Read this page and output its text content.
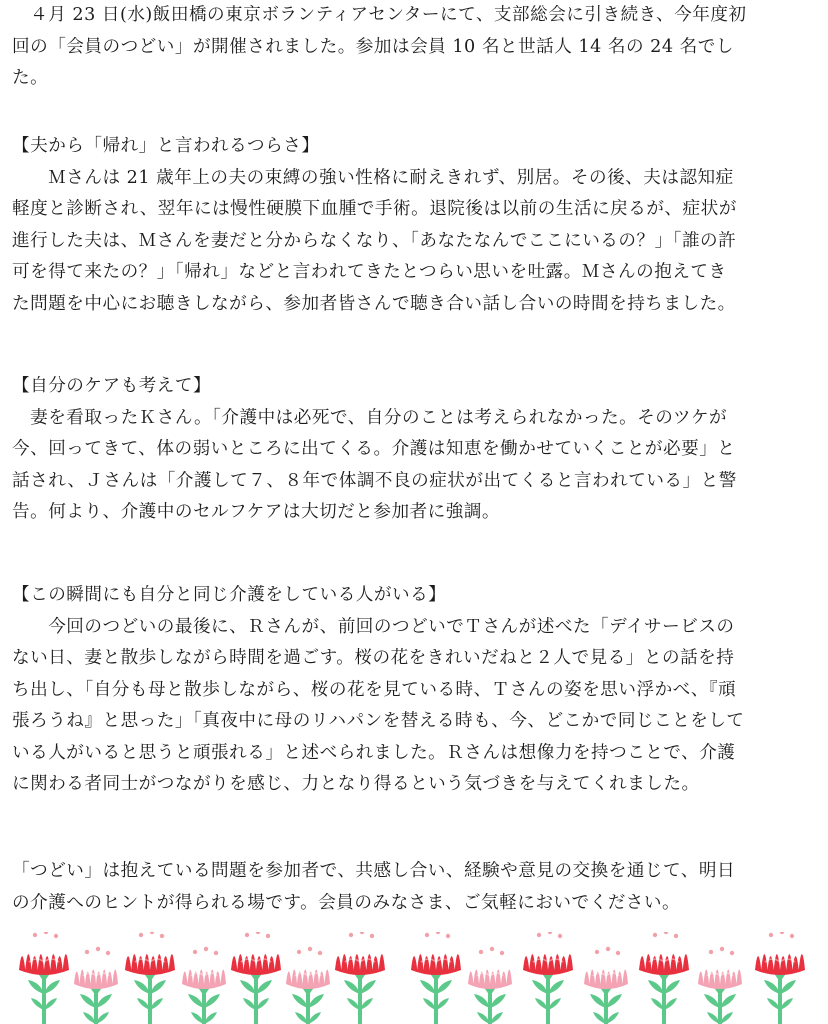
　４月 23 日(水)飯田橋の東京ボランティアセンターにて、支部総会に引き続き、今年度初
回の「会員のつどい」が開催されました。参加は会員 10 名と世話人 14 名の 24 名でし
た。
【夫から「帰れ」と言われるつらさ】
　　Ｍさんは 21 歳年上の夫の束縛の強い性格に耐えきれず、別居。その後、夫は認知症
軽度と診断され、翌年には慢性硬膜下血腫で手術。退院後は以前の生活に戻るが、症状が
進行した夫は、Ｍさんを妻だと分からなくなり、「あなたなんでここにいるの？」「誰の許
可を得て来たの？」「帰れ」などと言われてきたとつらい思いを吐露。Ｍさんの抱えてき
た問題を中心にお聴きしながら、参加者皆さんで聴き合い話し合いの時間を持ちました。
【自分のケアも考えて】
　妻を看取ったＫさん。「介護中は必死で、自分のことは考えられなかった。そのツケが
今、回ってきて、体の弱いところに出てくる。介護は知恵を働かせていくことが必要」と
話され、Ｊさんは「介護して７、８年で体調不良の症状が出てくると言われている」と警
告。何より、介護中のセルフケアは大切だと参加者に強調。
【この瞬間にも自分と同じ介護をしている人がいる】
　　今回のつどいの最後に、Ｒさんが、前回のつどいでＴさんが述べた「デイサービスの
ない日、妻と散歩しながら時間を過ごす。桜の花をきれいだねと２人で見る」との話を持
ち出し、「自分も母と散歩しながら、桜の花を見ている時、Ｔさんの姿を思い浮かべ、『頑
張ろうね』と思った」「真夜中に母のリハパンを替える時も、今、どこかで同じことをして
いる人がいると思うと頑張れる」と述べられました。Ｒさんは想像力を持つことで、介護
に関わる者同士がつながりを感じ、力となり得るという気づきを与えてくれました。
「つどい」は抱えている問題を参加者で、共感し合い、経験や意見の交換を通じて、明日
の介護へのヒントが得られる場です。会員のみなさま、ご気軽においでください。
